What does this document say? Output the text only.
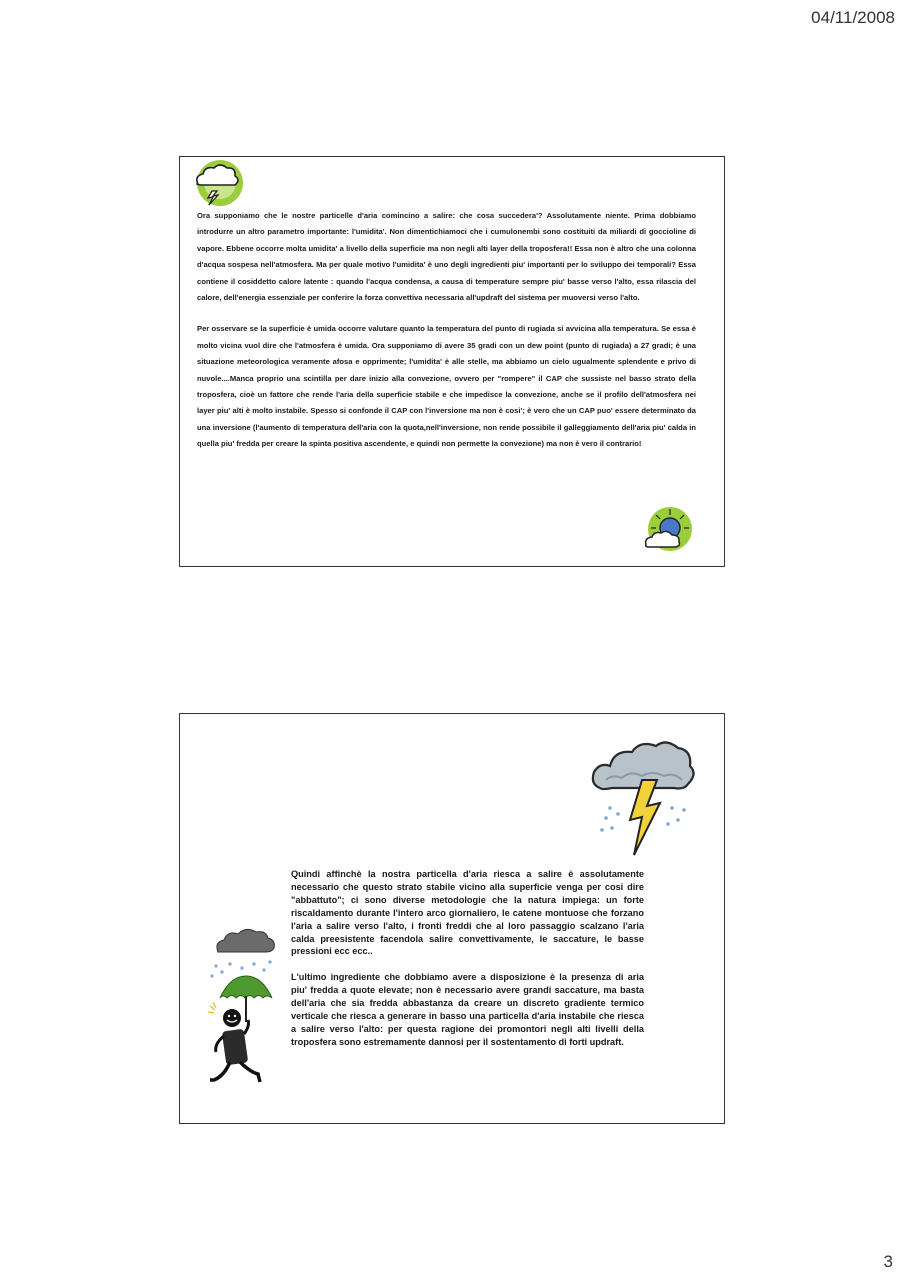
04/11/2008

Ora supponiamo che le nostre particelle d'aria comincino a salire: che cosa succedera'? Assolutamente niente. Prima dobbiamo introdurre un altro parametro importante: l'umidita'. Non dimentichiamoci che i cumulonembi sono costituiti da miliardi di goccioline di vapore. Ebbene occorre molta umidita' a livello della superficie ma non negli alti layer della troposfera!! Essa non è altro che una colonna d'acqua sospesa nell'atmosfera. Ma per quale motivo l'umidita' è uno degli ingredienti piu' importanti per lo sviluppo dei temporali? Essa contiene il cosiddetto calore latente : quando l'acqua condensa, a causa di temperature sempre piu' basse verso l'alto, essa rilascia del calore, dell'energia essenziale per conferire la forza convettiva necessaria all'updraft del sistema per muoversi verso l'alto.

Per osservare se la superficie è umida occorre valutare quanto la temperatura del punto di rugiada si avvicina alla temperatura. Se essa è molto vicina vuol dire che l'atmosfera è umida. Ora supponiamo di avere 35 gradi con un dew point (punto di rugiada) a 27 gradi; è una situazione meteorologica veramente afosa e opprimente; l'umidita' è alle stelle, ma abbiamo un cielo ugualmente splendente e privo di nuvole....Manca proprio una scintilla per dare inizio alla convezione, ovvero per "rompere" il CAP che sussiste nel basso strato della troposfera, cioè un fattore che rende l'aria della superficie stabile e che impedisce la convezione, anche se il profilo dell'atmosfera nei layer piu' alti è molto instabile. Spesso si confonde il CAP con l'inversione ma non è cosi'; è vero che un CAP puo' essere determinato da una inversione (l'aumento di temperatura dell'aria con la quota,nell'inversione, non rende possibile il galleggiamento dell'aria piu' calda in quella piu' fredda per creare la spinta positiva ascendente, e quindi non permette la convezione) ma non è vero il contrario!

Quindi affinchè la nostra particella d'aria riesca a salire è assolutamente necessario che questo strato stabile vicino alla superficie venga per cosi dire "abbattuto"; ci sono diverse metodologie che la natura impiega: un forte riscaldamento durante l'intero arco giornaliero, le catene montuose che forzano l'aria a salire verso l'alto, i fronti freddi che al loro passaggio scalzano l'aria calda preesistente facendola salire convettivamente, le saccature, le basse pressioni ecc ecc..

L'ultimo ingrediente che dobbiamo avere a disposizione è la presenza di aria piu' fredda a quote elevate; non è necessario avere grandi saccature, ma basta dell'aria che sia fredda abbastanza da creare un discreto gradiente termico verticale che riesca a generare in basso una particella d'aria instabile che riesca a salire verso l'alto: per questa ragione dei promontori negli alti livelli della troposfera sono estremamente dannosi per il sostentamento di forti updraft.

3
